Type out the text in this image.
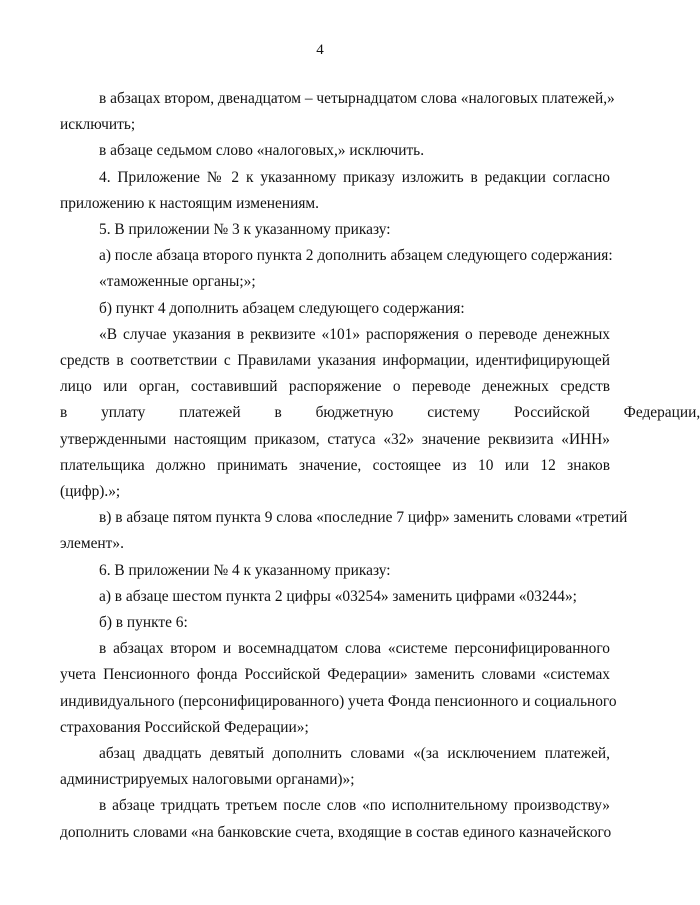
4
в абзацах втором, двенадцатом – четырнадцатом слова «налоговых платежей,»
исключить;
в абзаце седьмом слово «налоговых,» исключить.
4. Приложение № 2 к указанному приказу изложить в редакции согласно
приложению к настоящим изменениям.
5. В приложении № 3 к указанному приказу:
а) после абзаца второго пункта 2 дополнить абзацем следующего содержания:
«таможенные органы;»;
б) пункт 4 дополнить абзацем следующего содержания:
«В случае указания в реквизите «101» распоряжения о переводе денежных
средств в соответствии с Правилами указания информации, идентифицирующей
лицо или орган, составивший распоряжение о переводе денежных средств
в уплату платежей в бюджетную систему Российской Федерации,
утвержденными настоящим приказом, статуса «32» значение реквизита «ИНН»
плательщика должно принимать значение, состоящее из 10 или 12 знаков
(цифр).»;
в) в абзаце пятом пункта 9 слова «последние 7 цифр» заменить словами «третий
элемент».
6. В приложении № 4 к указанному приказу:
а) в абзаце шестом пункта 2 цифры «03254» заменить цифрами «03244»;
б) в пункте 6:
в абзацах втором и восемнадцатом слова «системе персонифицированного
учета Пенсионного фонда Российской Федерации» заменить словами «системах
индивидуального (персонифицированного) учета Фонда пенсионного и социального
страхования Российской Федерации»;
абзац двадцать девятый дополнить словами «(за исключением платежей,
администрируемых налоговыми органами)»;
в абзаце тридцать третьем после слов «по исполнительному производству»
дополнить словами «на банковские счета, входящие в состав единого казначейского
